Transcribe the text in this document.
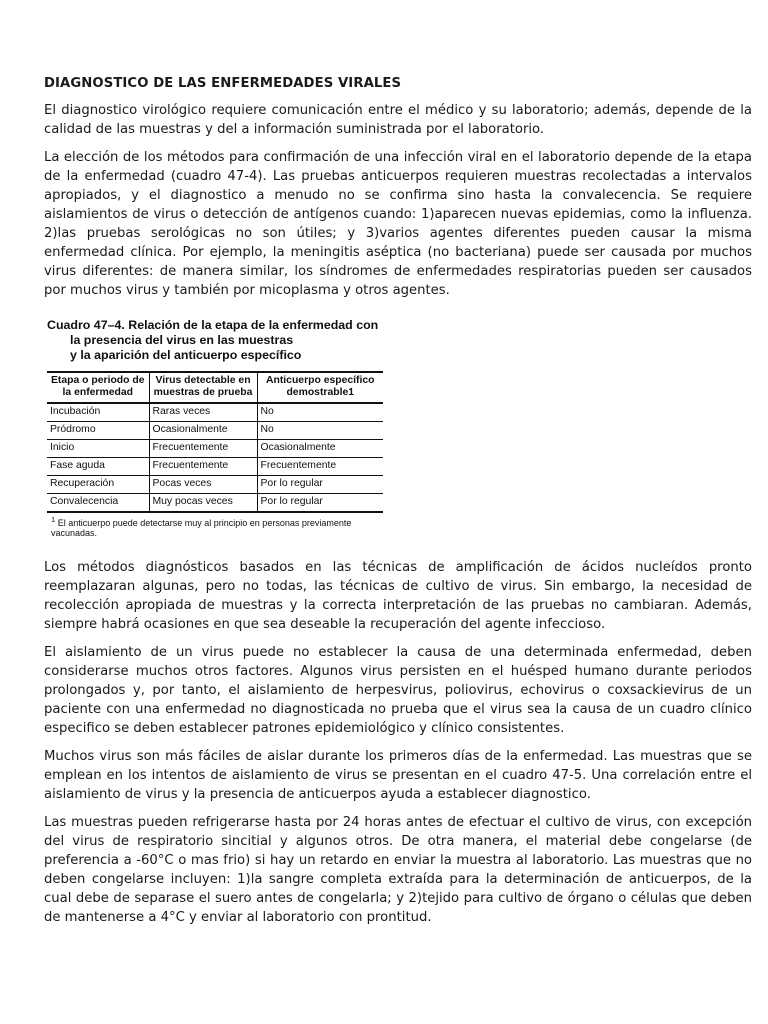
DIAGNOSTICO DE LAS ENFERMEDADES VIRALES

El diagnostico virológico requiere comunicación entre el médico y su laboratorio; además, depende de la calidad de las muestras y del a información suministrada por el laboratorio.

La elección de los métodos para confirmación de una infección viral en el laboratorio depende de la etapa de la enfermedad (cuadro 47-4). Las pruebas anticuerpos requieren muestras recolectadas a intervalos apropiados, y el diagnostico a menudo no se confirma sino hasta la convalecencia. Se requiere aislamientos de virus o detección de antígenos cuando: 1)aparecen nuevas epidemias, como la influenza. 2)las pruebas serológicas no son útiles; y 3)varios agentes diferentes pueden causar la misma enfermedad clínica. Por ejemplo, la meningitis aséptica (no bacteriana) puede ser causada por muchos virus diferentes: de manera similar, los síndromes de enfermedades respiratorias pueden ser causados por muchos virus y también por micoplasma y otros agentes.

Cuadro 47–4. Relación de la etapa de la enfermedad con
la presencia del virus en las muestras
y la aparición del anticuerpo específico
Etapa o periodo de la enfermedad	Virus detectable en muestras de prueba	Anticuerpo específico demostrable1
Incubación	Raras veces	No
Pródromo	Ocasionalmente	No
Inicio	Frecuentemente	Ocasionalmente
Fase aguda	Frecuentemente	Frecuentemente
Recuperación	Pocas veces	Por lo regular
Convalecencia	Muy pocas veces	Por lo regular
$^1$ El anticuerpo puede detectarse muy al principio en personas previamente vacunadas.

Los métodos diagnósticos basados en las técnicas de amplificación de ácidos nucleídos pronto reemplazaran algunas, pero no todas, las técnicas de cultivo de virus. Sin embargo, la necesidad de recolección apropiada de muestras y la correcta interpretación de las pruebas no cambiaran. Además, siempre habrá ocasiones en que sea deseable la recuperación del agente infeccioso.

El aislamiento de un virus puede no establecer la causa de una determinada enfermedad, deben considerarse muchos otros factores. Algunos virus persisten en el huésped humano durante periodos prolongados y, por tanto, el aislamiento de herpesvirus, poliovirus, echovirus o coxsackievirus de un paciente con una enfermedad no diagnosticada no prueba que el virus sea la causa de un cuadro clínico especifico se deben establecer patrones epidemiológico y clínico consistentes.

Muchos virus son más fáciles de aislar durante los primeros días de la enfermedad. Las muestras que se emplean en los intentos de aislamiento de virus se presentan en el cuadro 47-5. Una correlación entre el aislamiento de virus y la presencia de anticuerpos ayuda a establecer diagnostico.

Las muestras pueden refrigerarse hasta por 24 horas antes de efectuar el cultivo de virus, con excepción del virus de respiratorio sincitial y algunos otros. De otra manera, el material debe congelarse (de preferencia a -60°C o mas frio) si hay un retardo en enviar la muestra al laboratorio. Las muestras que no deben congelarse incluyen: 1)la sangre completa extraída para la determinación de anticuerpos, de la cual debe de separase el suero antes de congelarla; y 2)tejido para cultivo de órgano o células que deben de mantenerse a 4°C y enviar al laboratorio con prontitud.
